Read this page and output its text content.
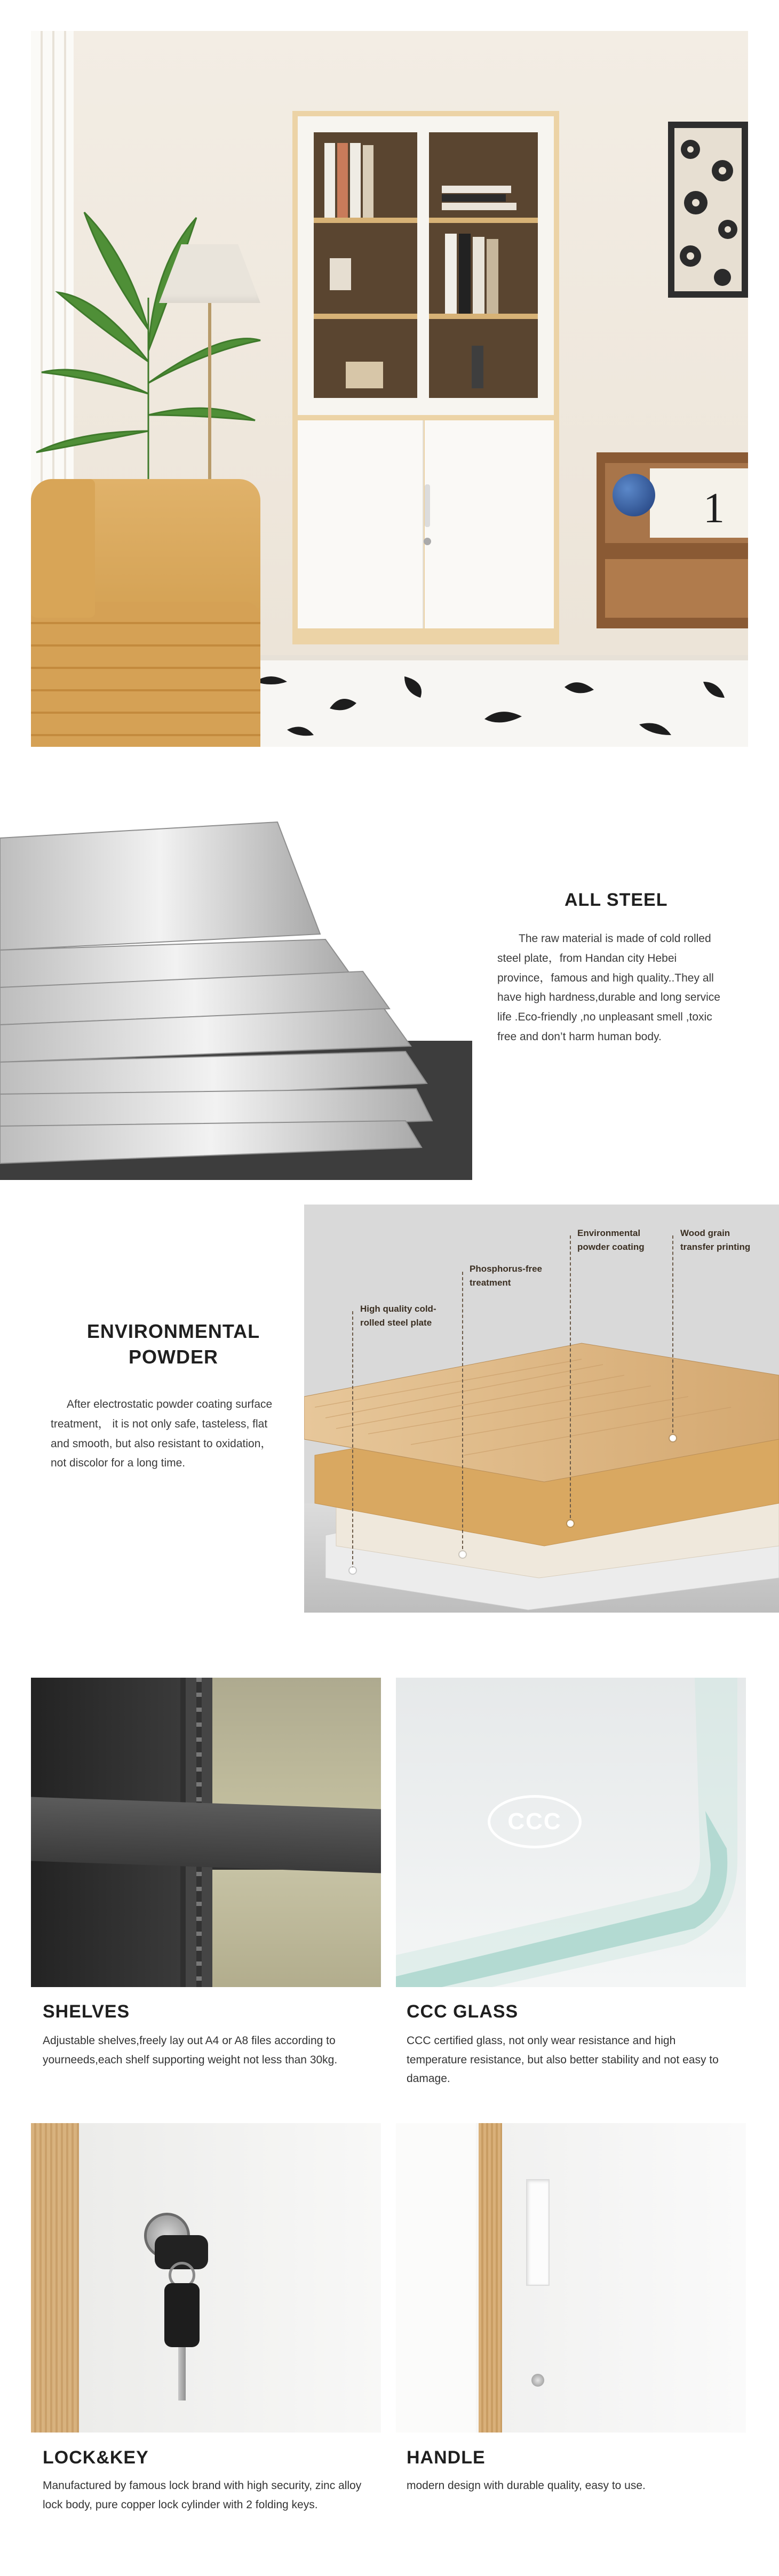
1
ALL STEEL
The raw material is made of cold rolled steel plate，from Handan city Hebei province，famous and high quality..They all have high hardness,durable and long service life .Eco-friendly ,no unpleasant smell ,toxic free and don’t harm human body.
ENVIRONMENTAL
POWDER
After electrostatic powder coating surface treatment， it is not only safe, tasteless, flat and smooth, but also resistant to oxidation，not discolor for a long time.
High quality cold-
rolled steel plate
Phosphorus-free
treatment
Environmental
powder coating
Wood grain
transfer printing
CCC
SHELVES
Adjustable shelves,freely lay out A4 or A8 files according to yourneeds,each shelf supporting weight not less than 30kg.
CCC GLASS
CCC certified glass, not only wear resistance and high temperature resistance, but also better stability and not easy to damage.
LOCK&KEY
Manufactured by famous lock brand with high security, zinc alloy lock body, pure copper lock cylinder with 2 folding keys.
HANDLE
modern design with durable quality, easy to use.
